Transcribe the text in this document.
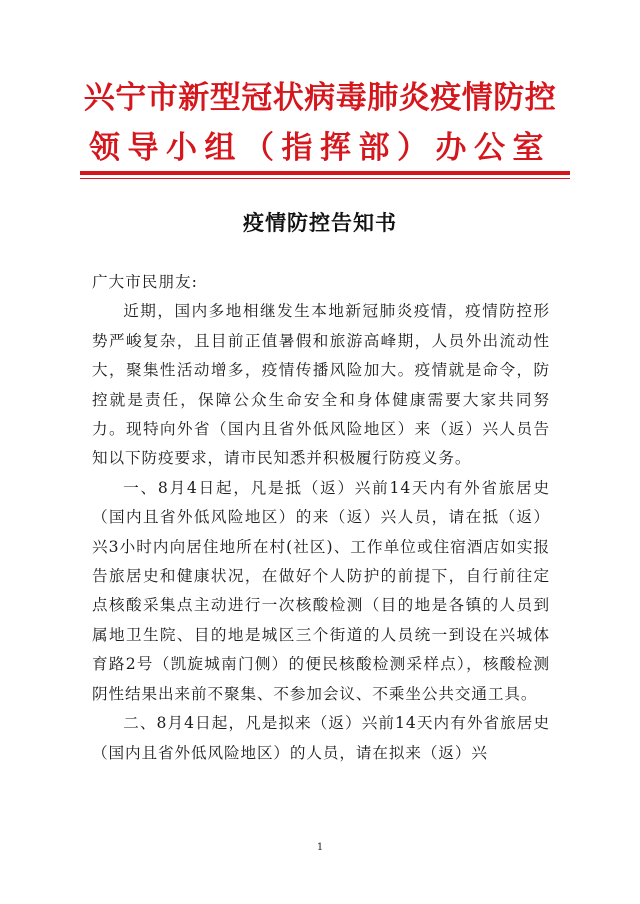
兴宁市新型冠状病毒肺炎疫情防控
领导小组（指挥部）办公室
疫情防控告知书

广大市民朋友:

近期，国内多地相继发生本地新冠肺炎疫情，疫情防控形势严峻复杂，且目前正值暑假和旅游高峰期，人员外出流动性大，聚集性活动增多，疫情传播风险加大。疫情就是命令，防控就是责任，保障公众生命安全和身体健康需要大家共同努力。现特向外省（国内且省外低风险地区）来（返）兴人员告知以下防疫要求，请市民知悉并积极履行防疫义务。

一、8月4日起，凡是抵（返）兴前14天内有外省旅居史（国内且省外低风险地区）的来（返）兴人员，请在抵（返）兴3小时内向居住地所在村(社区)、工作单位或住宿酒店如实报告旅居史和健康状况，在做好个人防护的前提下，自行前往定点核酸采集点主动进行一次核酸检测（目的地是各镇的人员到属地卫生院、目的地是城区三个街道的人员统一到设在兴城体育路2号（凯旋城南门侧）的便民核酸检测采样点），核酸检测阴性结果出来前不聚集、不参加会议、不乘坐公共交通工具。

二、8月4日起，凡是拟来（返）兴前14天内有外省旅居史（国内且省外低风险地区）的人员，请在拟来（返）兴

1
